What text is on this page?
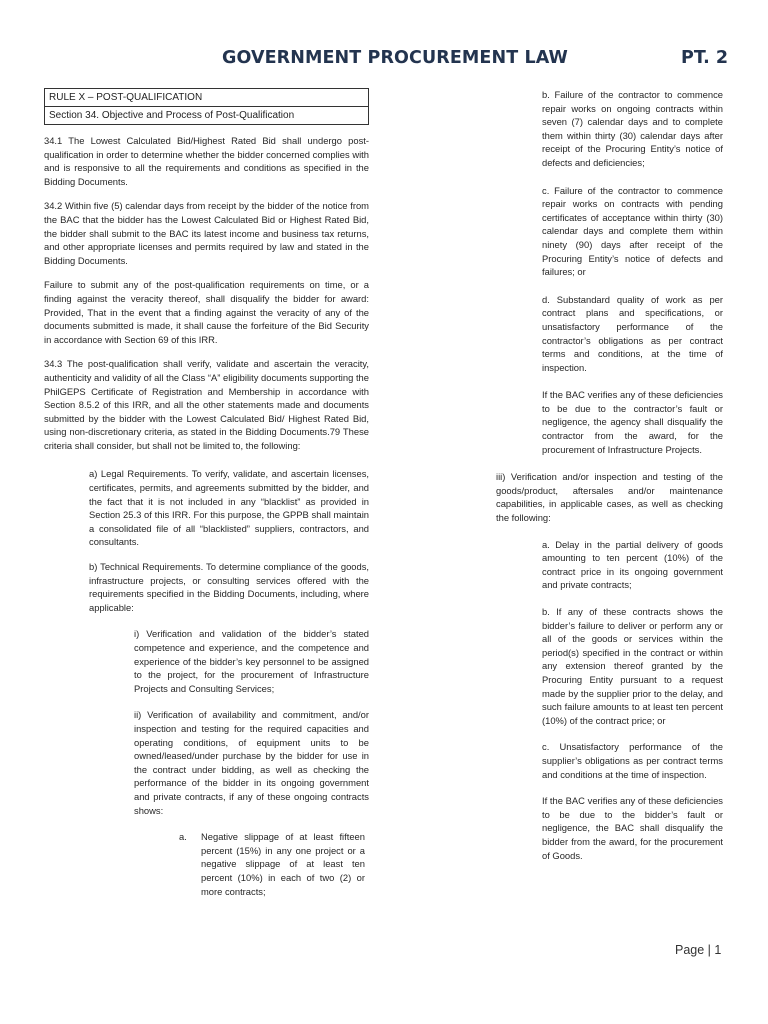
GOVERNMENT PROCUREMENT LAW	PT. 2
RULE X – POST-QUALIFICATION
Section 34. Objective and Process of Post-Qualification

34.1 The Lowest Calculated Bid/Highest Rated Bid shall undergo post-qualification in order to determine whether the bidder concerned complies with and is responsive to all the requirements and conditions as specified in the Bidding Documents.

34.2 Within five (5) calendar days from receipt by the bidder of the notice from the BAC that the bidder has the Lowest Calculated Bid or Highest Rated Bid, the bidder shall submit to the BAC its latest income and business tax returns, and other appropriate licenses and permits required by law and stated in the Bidding Documents.

Failure to submit any of the post-qualification requirements on time, or a finding against the veracity thereof, shall disqualify the bidder for award: Provided, That in the event that a finding against the veracity of any of the documents submitted is made, it shall cause the forfeiture of the Bid Security in accordance with Section 69 of this IRR.

34.3 The post-qualification shall verify, validate and ascertain the veracity, authenticity and validity of all the Class “A” eligibility documents supporting the PhilGEPS Certificate of Registration and Membership in accordance with Section 8.5.2 of this IRR, and all the other statements made and documents submitted by the bidder with the Lowest Calculated Bid/ Highest Rated Bid, using non-discretionary criteria, as stated in the Bidding Documents.79 These criteria shall consider, but shall not be limited to, the following:

a) Legal Requirements. To verify, validate, and ascertain licenses, certificates, permits, and agreements submitted by the bidder, and the fact that it is not included in any “blacklist” as provided in Section 25.3 of this IRR. For this purpose, the GPPB shall maintain a consolidated file of all “blacklisted” suppliers, contractors, and consultants.

b) Technical Requirements. To determine compliance of the goods, infrastructure projects, or consulting services offered with the requirements specified in the Bidding Documents, including, where applicable:

i) Verification and validation of the bidder’s stated competence and experience, and the competence and experience of the bidder’s key personnel to be assigned to the project, for the procurement of Infrastructure Projects and Consulting Services;

ii) Verification of availability and commitment, and/or inspection and testing for the required capacities and operating conditions, of equipment units to be owned/leased/under purchase by the bidder for use in the contract under bidding, as well as checking the performance of the bidder in its ongoing government and private contracts, if any of these ongoing contracts shows:

a.	Negative slippage of at least fifteen percent (15%) in any one project or a negative slippage of at least ten percent (10%) in each of two (2) or more contracts;

b. Failure of the contractor to commence repair works on ongoing contracts within seven (7) calendar days and to complete them within thirty (30) calendar days after receipt of the Procuring Entity’s notice of defects and deficiencies;

c. Failure of the contractor to commence repair works on contracts with pending certificates of acceptance within thirty (30) calendar days and complete them within ninety (90) days after receipt of the Procuring Entity’s notice of defects and failures; or

d. Substandard quality of work as per contract plans and specifications, or unsatisfactory performance of the contractor’s obligations as per contract terms and conditions, at the time of inspection.

If the BAC verifies any of these deficiencies to be due to the contractor’s fault or negligence, the agency shall disqualify the contractor from the award, for the procurement of Infrastructure Projects.

iii) Verification and/or inspection and testing of the goods/product, aftersales and/or maintenance capabilities, in applicable cases, as well as checking the following:

a. Delay in the partial delivery of goods amounting to ten percent (10%) of the contract price in its ongoing government and private contracts;

b. If any of these contracts shows the bidder’s failure to deliver or perform any or all of the goods or services within the period(s) specified in the contract or within any extension thereof granted by the Procuring Entity pursuant to a request made by the supplier prior to the delay, and such failure amounts to at least ten percent (10%) of the contract price; or

c. Unsatisfactory performance of the supplier’s obligations as per contract terms and conditions at the time of inspection.

If the BAC verifies any of these deficiencies to be due to the bidder’s fault or negligence, the BAC shall disqualify the bidder from the award, for the procurement of Goods.

Page | 1
